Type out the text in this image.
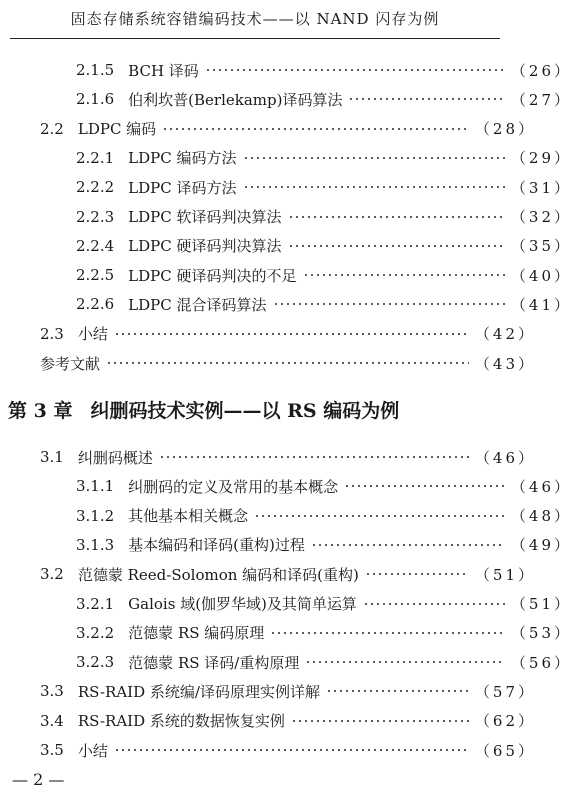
固态存储系统容错编码技术——以 NAND 闪存为例
2.1.5 BCH 译码	（26）
2.1.6 伯利坎普(Berlekamp)译码算法	（27）
2.2 LDPC 编码	（28）
2.2.1 LDPC 编码方法	（29）
2.2.2 LDPC 译码方法	（31）
2.2.3 LDPC 软译码判决算法	（32）
2.2.4 LDPC 硬译码判决算法	（35）
2.2.5 LDPC 硬译码判决的不足	（40）
2.2.6 LDPC 混合译码算法	（41）
2.3 小结	（42）
参考文献	（43）
3.1 纠删码概述	（46）
3.1.1 纠删码的定义及常用的基本概念	（46）
3.1.2 其他基本相关概念	（48）
3.1.3 基本编码和译码(重构)过程	（49）
3.2 范德蒙 Reed-Solomon 编码和译码(重构)	（51）
3.2.1 Galois 域(伽罗华域)及其简单运算	（51）
3.2.2 范德蒙 RS 编码原理	（53）
3.2.3 范德蒙 RS 译码/重构原理	（56）
3.3 RS-RAID 系统编/译码原理实例详解	（57）
3.4 RS-RAID 系统的数据恢复实例	（62）
3.5 小结	（65）
第 3 章 纠删码技术实例——以 RS 编码为例
— 2 —
